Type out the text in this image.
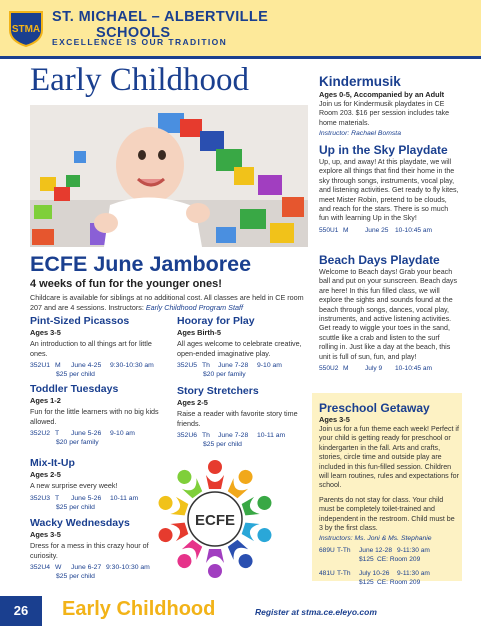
STMA
ST. MICHAEL – ALBERTVILLE
SCHOOLS
EXCELLENCE IS OUR TRADITION
Early Childhood
ECFE June Jamboree
4 weeks of fun for the younger ones!
Childcare is available for siblings at no additional cost. All classes are held in CE room 207 and are 4 sessions. Instructors: Early Childhood Program Staff
Pint-Sized Picassos
Ages 3-5
An introduction to all things art for little ones.
352U1 M June 4-25 9:30-10:30 am
$25 per child
Toddler Tuesdays
Ages 1-2
Fun for the little learners with no big kids allowed.
352U2 T June 5-26 9-10 am
$20 per family
Mix-It-Up
Ages 2-5
A new surprise every week!
352U3 T June 5-26 10-11 am
$25 per child
Wacky Wednesdays
Ages 3-5
Dress for a mess in this crazy hour of curiosity.
352U4 W June 6-27 9:30-10:30 am
$25 per child
Hooray for Play
Ages Birth-5
All ages welcome to celebrate creative, open-ended imaginative play.
352U5 Th June 7-28 9-10 am
$20 per family
Story Stretchers
Ages 2-5
Raise a reader with favorite story time friends.
352U6 Th June 7-28 10-11 am
$25 per child
ECFE
Kindermusik
Ages 0-5, Accompanied by an Adult
Join us for Kindermusik playdates in CE Room 203. $16 per session includes take home materials.
Instructor: Rachael Bomsta
Up in the Sky Playdate
Up, up, and away! At this playdate, we will explore all things that find their home in the sky through songs, instruments, vocal play, and listening activities. Get ready to fly kites, meet Mister Robin, pretend to be clouds, and reach for the stars. There is so much fun with learning Up in the Sky!
550U1 M	June 25 10-10:45 am
Beach Days Playdate
Welcome to Beach days! Grab your beach ball and put on your sunscreen. Beach days are here! In this fun filled class, we will explore the sights and sounds found at the beach through songs, dances, vocal play, instruments, and active listening activities. Get ready to wiggle your toes in the sand, scuttle like a crab and listen to the surf rolling in. Just like a day at the beach, this unit is full of sun, fun, and play!
550U2 M	July 9 10-10:45 am
Preschool Getaway
Ages 3-5
Join us for a fun theme each week! Perfect if your child is getting ready for preschool or kindergarten in the fall. Arts and crafts, stories, circle time and outside play are included in this fun-filled session. Children will learn routines, rules and expectations for school.
Parents do not stay for class. Your child must be completely toilet-trained and independent in the restroom. Child must be 3 by the first class.
Instructors: Ms. Joni & Ms. Stephanie
689U T-Th June 12-28 9-11:30 am
$125 CE: Room 209
481U T-Th July 10-26 9-11:30 am
$125 CE: Room 209
26	Early Childhood	Register at stma.ce.eleyo.com
